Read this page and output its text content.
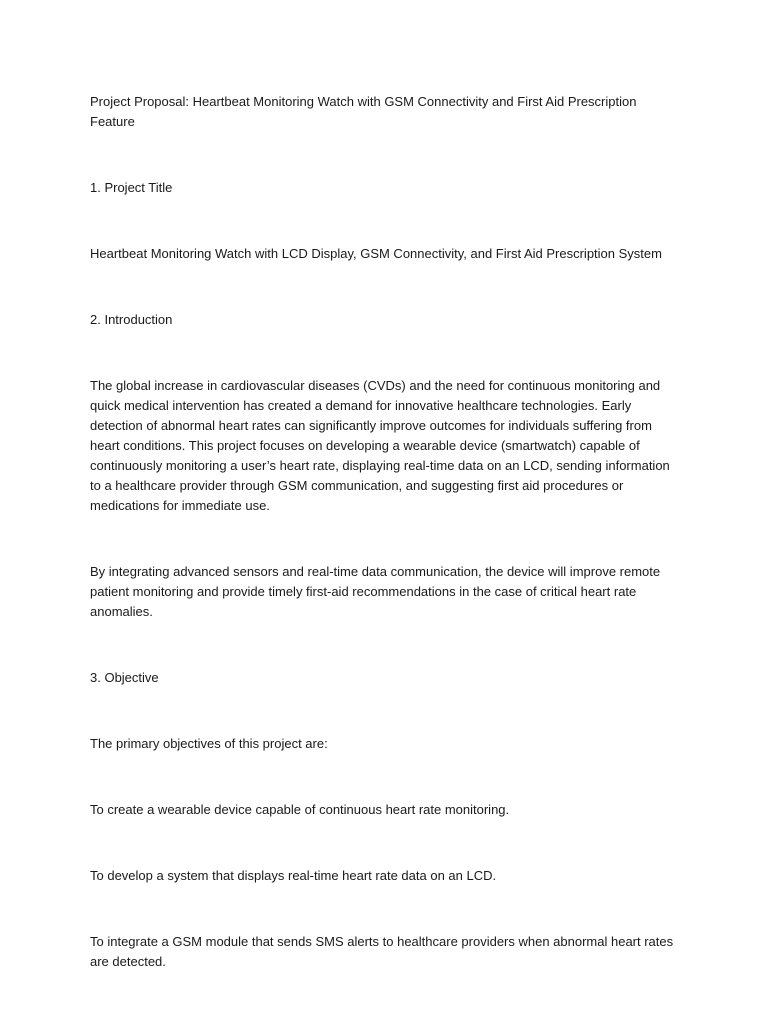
Project Proposal: Heartbeat Monitoring Watch with GSM Connectivity and First Aid Prescription Feature

1. Project Title

Heartbeat Monitoring Watch with LCD Display, GSM Connectivity, and First Aid Prescription System

2. Introduction

The global increase in cardiovascular diseases (CVDs) and the need for continuous monitoring and quick medical intervention has created a demand for innovative healthcare technologies. Early detection of abnormal heart rates can significantly improve outcomes for individuals suffering from heart conditions. This project focuses on developing a wearable device (smartwatch) capable of continuously monitoring a user’s heart rate, displaying real-time data on an LCD, sending information to a healthcare provider through GSM communication, and suggesting first aid procedures or medications for immediate use.

By integrating advanced sensors and real-time data communication, the device will improve remote patient monitoring and provide timely first-aid recommendations in the case of critical heart rate anomalies.

3. Objective

The primary objectives of this project are:

To create a wearable device capable of continuous heart rate monitoring.

To develop a system that displays real-time heart rate data on an LCD.

To integrate a GSM module that sends SMS alerts to healthcare providers when abnormal heart rates are detected.
